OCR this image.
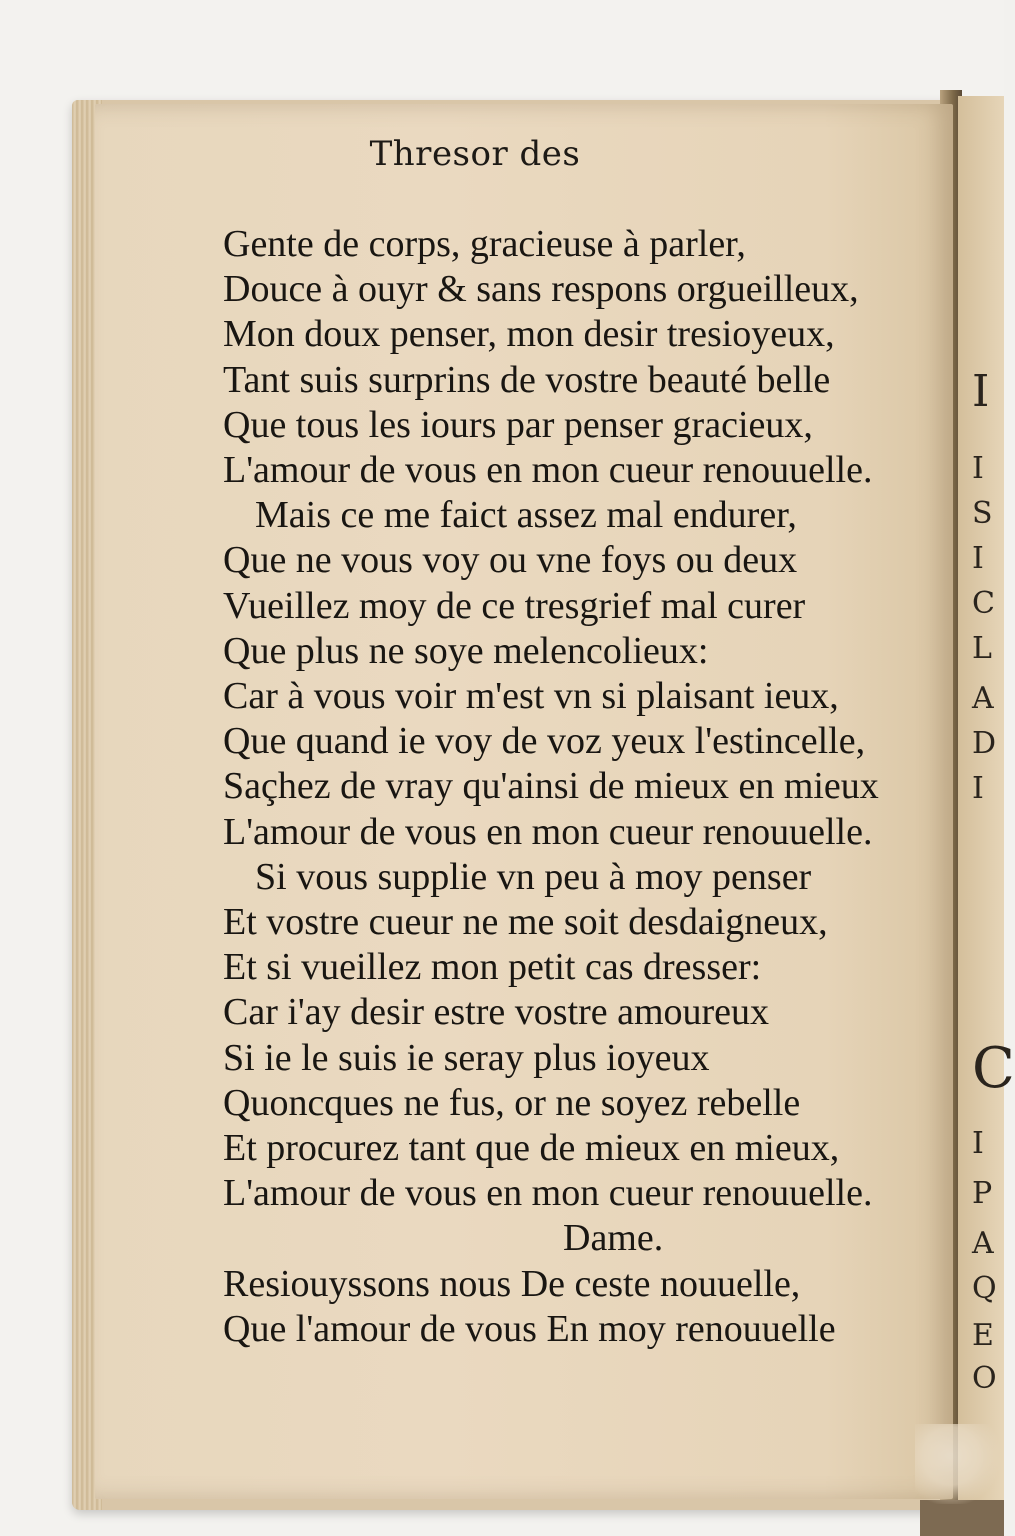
I
I
S
I
C
L
A
D
I
C
I
P
A
Q
E
O
Thresor des
Gente de corps, gracieuse à parler,
Douce à ouyr & sans respons orgueilleux,
Mon doux penser, mon desir tresioyeux,
Tant suis surprins de vostre beauté belle
Que tous les iours par penser gracieux,
L'amour de vous en mon cueur renouuelle.
Mais ce me faict assez mal endurer,
Que ne vous voy ou vne foys ou deux
Vueillez moy de ce tresgrief mal curer
Que plus ne soye melencolieux:
Car à vous voir m'est vn si plaisant ieux,
Que quand ie voy de voz yeux l'estincelle,
Saçhez de vray qu'ainsi de mieux en mieux
L'amour de vous en mon cueur renouuelle.
Si vous supplie vn peu à moy penser
Et vostre cueur ne me soit desdaigneux,
Et si vueillez mon petit cas dresser:
Car i'ay desir estre vostre amoureux
Si ie le suis ie seray plus ioyeux
Quoncques ne fus, or ne soyez rebelle
Et procurez tant que de mieux en mieux,
L'amour de vous en mon cueur renouuelle.
Dame.
Resiouyssons nous De ceste nouuelle,
Que l'amour de vous En moy renouuelle
